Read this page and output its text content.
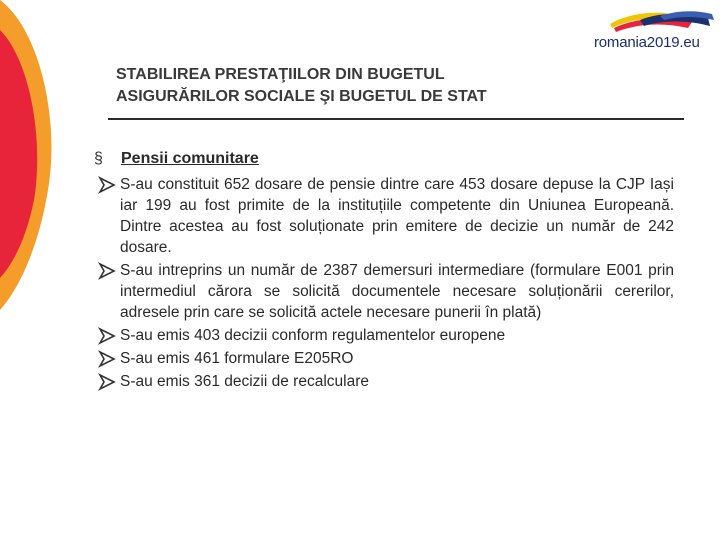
romania2019.eu
STABILIREA PRESTAŢIILOR DIN BUGETUL
ASIGURĂRILOR SOCIALE ŞI BUGETUL DE STAT
§	Pensii comunitare
S-au constituit 652 dosare de pensie dintre care 453 dosare depuse la CJP Iași iar 199 au fost primite de la instituțiile competente din Uniunea Europeană. Dintre acestea au fost soluționate prin emitere de decizie un număr de 242 dosare.
S-au intreprins un număr de 2387 demersuri intermediare (formulare E001 prin intermediul cărora se solicită documentele necesare soluționării cererilor, adresele prin care se solicită actele necesare punerii în plată)
S-au emis 403 decizii conform regulamentelor europene
S-au emis 461 formulare E205RO
S-au emis 361 decizii de recalculare
